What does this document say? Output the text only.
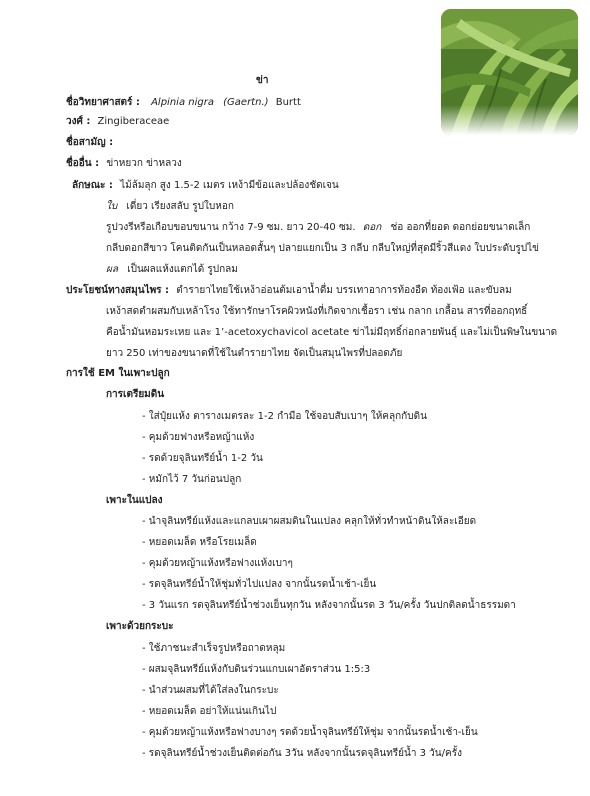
ข่า
ชื่อวิทยาศาสตร์ : Alpinia nigra (Gaertn.) Burtt
วงศ์ : Zingiberaceae
ชื่อสามัญ :
ชื่ออื่น : ข่าหยวก ข่าหลวง
ลักษณะ : ไม้ล้มลุก สูง 1.5-2 เมตร เหง้ามีข้อและปล้องชัดเจน
ใบ เดี่ยว เรียงสลับ รูปใบหอก
รูปวงรีหรือเกือบขอบขนาน กว้าง 7-9 ซม. ยาว 20-40 ซม. ดอก ช่อ ออกที่ยอด ดอกย่อยขนาดเล็ก
กลีบดอกสีขาว โคนติดกันเป็นหลอดสั้นๆ ปลายแยกเป็น 3 กลีบ กลีบใหญ่ที่สุดมีริ้วสีแดง ใบประดับรูปไข่
ผล เป็นผลแห้งแตกได้ รูปกลม
ประโยชน์ทางสมุนไพร : ตำรายาไทยใช้เหง้าอ่อนต้มเอาน้ำดื่ม บรรเทาอาการท้องอืด ท้องเฟ้อ และขับลม
เหง้าสดตำผสมกับเหล้าโรง ใช้ทารักษาโรคผิวหนังที่เกิดจากเชื้อรา เช่น กลาก เกลื้อน สารที่ออกฤทธิ์
คือน้ำมันหอมระเหย และ 1’-acetoxychavicol acetate ข่าไม่มีฤทธิ์ก่อกลายพันธุ์ และไม่เป็นพิษในขนาด
ยาว 250 เท่าของขนาดที่ใช้ในตำรายาไทย จัดเป็นสมุนไพรที่ปลอดภัย
การใช้ EM ในเพาะปลูก
การเตรียมดิน
- ใส่ปุ๋ยแห้ง ตารางเมตรละ 1-2 กำมือ ใช้จอบสับเบาๆ ให้คลุกกับดิน
- คุมด้วยฟางหรือหญ้าแห้ง
- รดด้วยจุลินทรีย์น้ำ 1-2 วัน
- หมักไว้ 7 วันก่อนปลูก
เพาะในแปลง
- นำจุลินทรีย์แห้งและแกลบเผาผสมดินในแปลง คลุกให้ทั่วทำหน้าดินให้ละเอียด
- หยอดเมล็ด หรือโรยเมล็ด
- คุมด้วยหญ้าแห้งหรือฟางแห้งเบาๆ
- รดจุลินทรีย์น้ำให้ชุ่มทั่วไปแปลง จากนั้นรดน้ำเช้า-เย็น
- 3 วันแรก รดจุลินทรีย์น้ำช่วงเย็นทุกวัน หลังจากนั้นรด 3 วัน/ครั้ง วันปกติลดน้ำธรรมดา
เพาะด้วยกระบะ
- ใช้ภาชนะสำเร็จรูปหรือถาดหลุม
- ผสมจุลินทรีย์แห้งกับดินร่วนแกบเผาอัตราส่วน 1:5:3
- นำส่วนผสมที่ได้ใส่ลงในกระบะ
- หยอดเมล็ด อย่าให้แน่นเกินไป
- คุมด้วยหญ้าแห้งหรือฟางบางๆ รดด้วยน้ำจุลินทรีย์ให้ชุ่ม จากนั้นรดน้ำเช้า-เย็น
- รดจุลินทรีย์น้ำช่วงเย็นติดต่อกัน 3วัน หลังจากนั้นรดจุลินทรีย์น้ำ 3 วัน/ครั้ง
